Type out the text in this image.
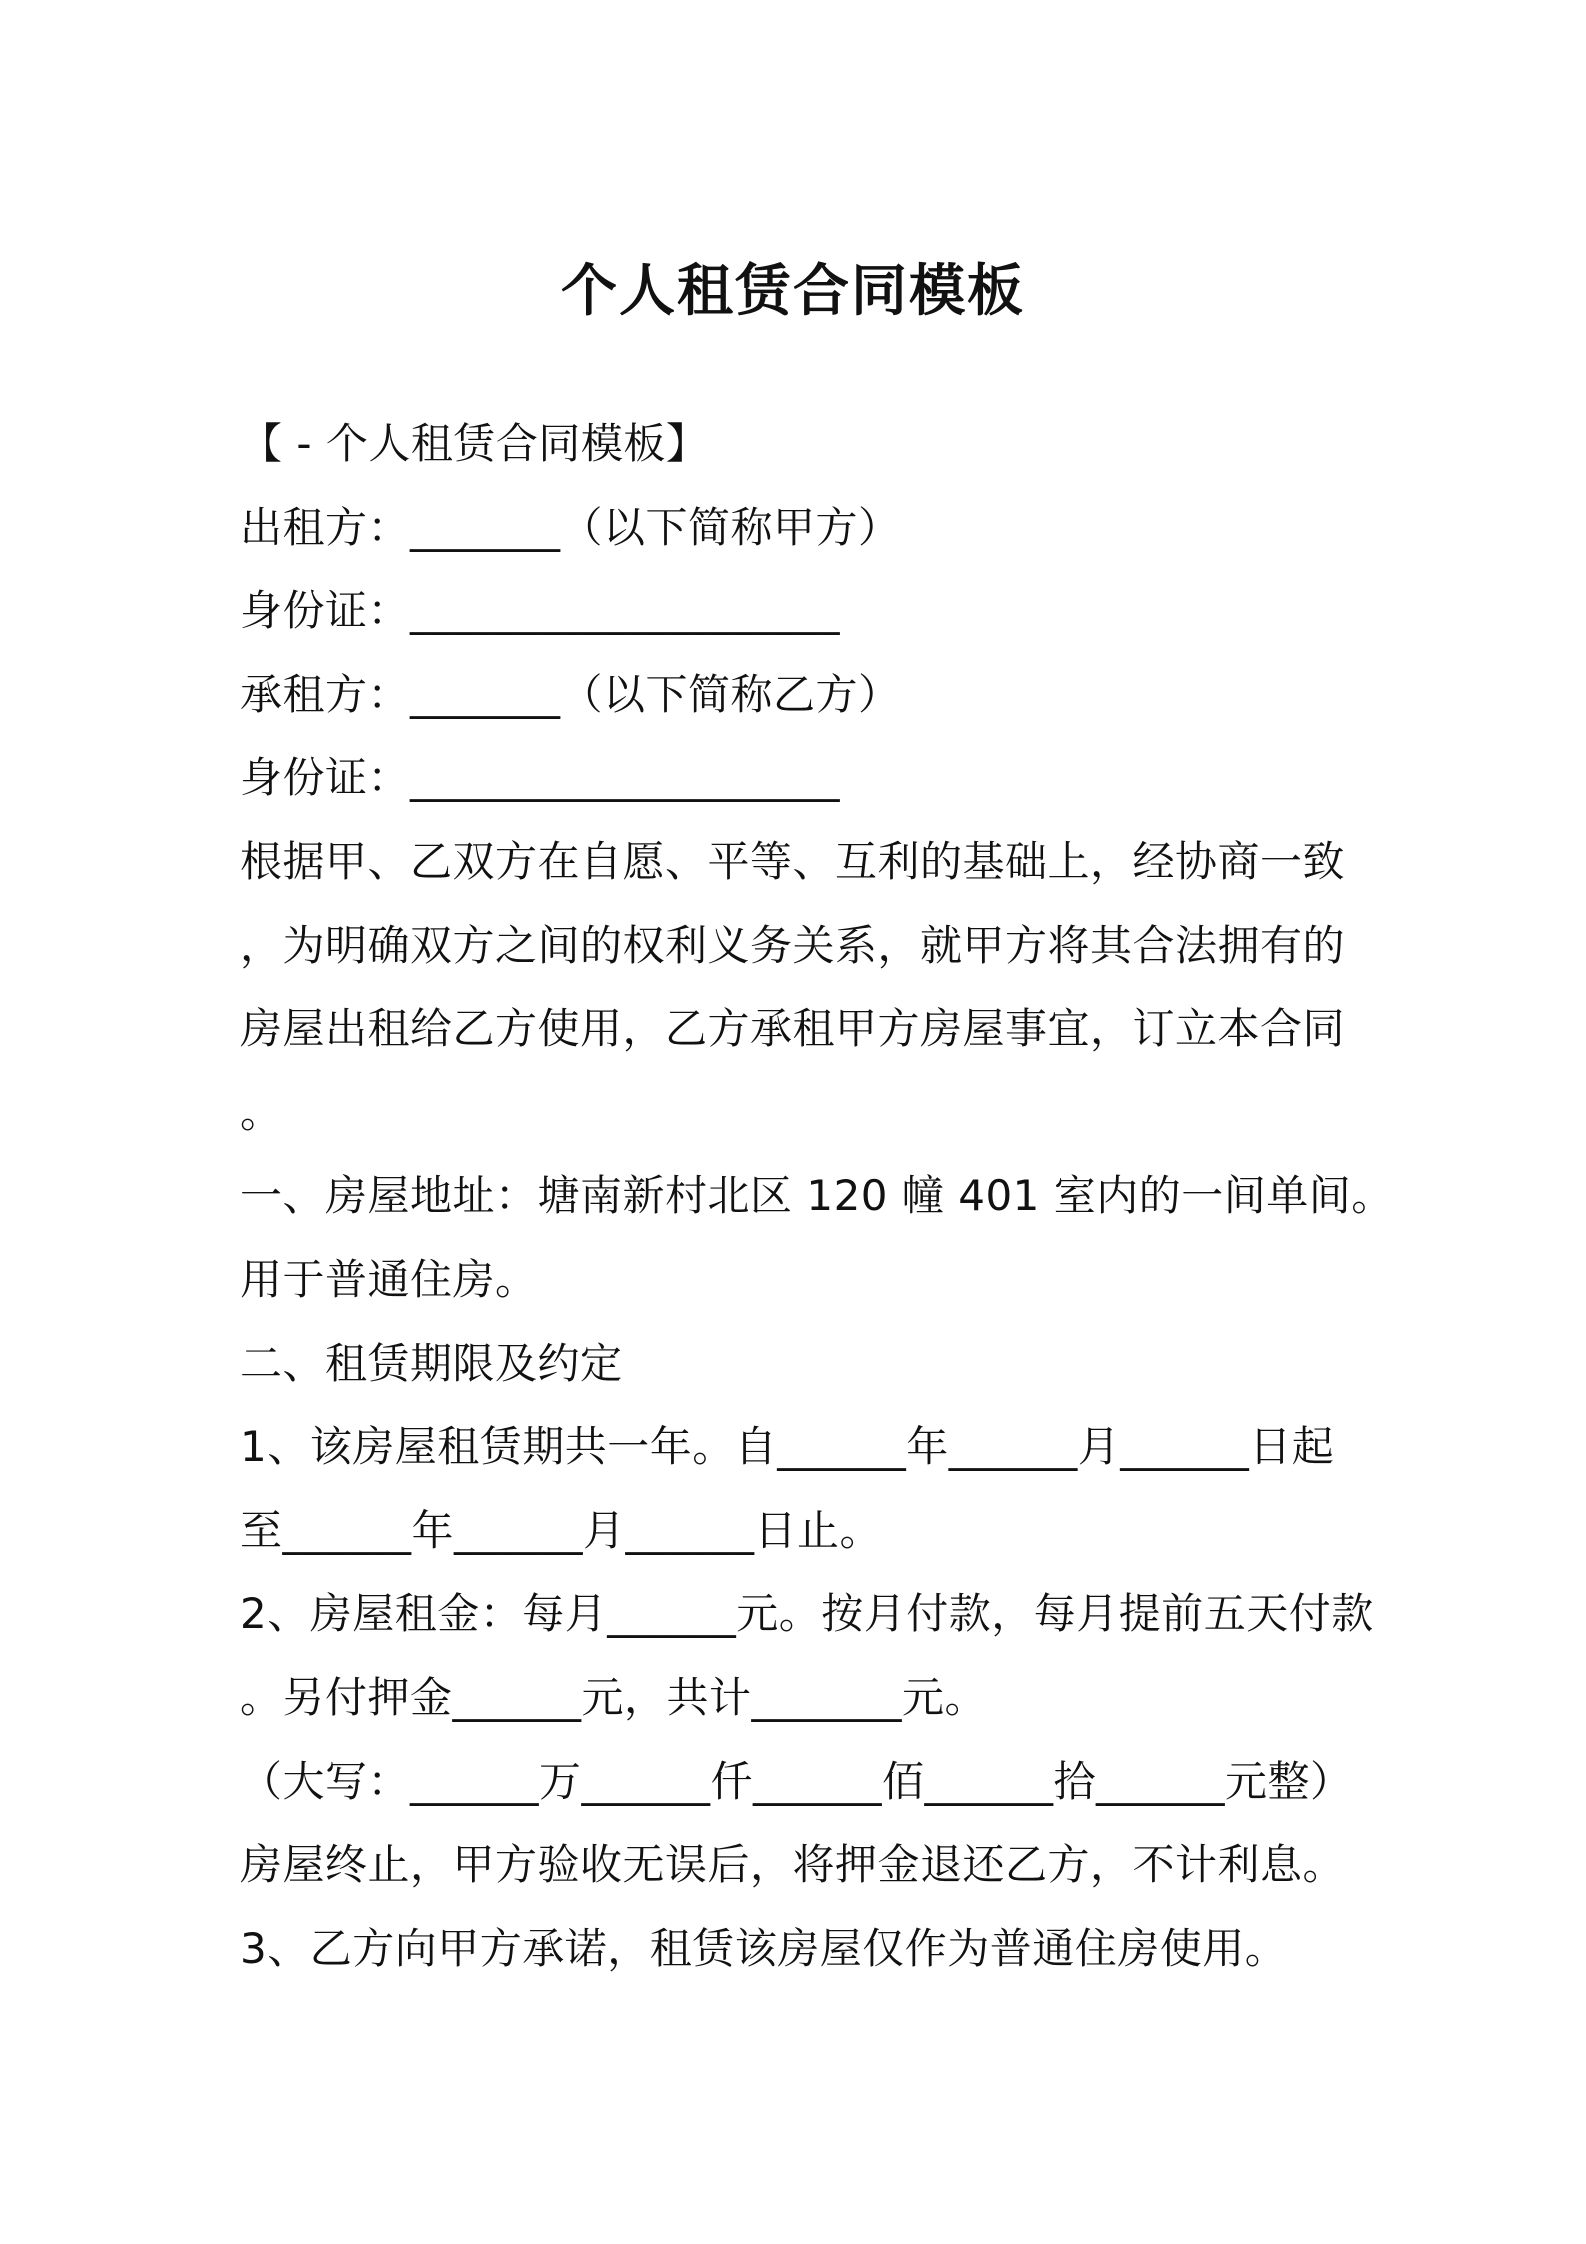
个人租赁合同模板
【 - 个人租赁合同模板】
出租方：_______（以下简称甲方）
身份证：____________________
承租方：_______（以下简称乙方）
身份证：____________________
根据甲、乙双方在自愿、平等、互利的基础上，经协商一致
，为明确双方之间的权利义务关系，就甲方将其合法拥有的
房屋出租给乙方使用，乙方承租甲方房屋事宜，订立本合同
。
一、房屋地址：塘南新村北区 120 幢 401 室内的一间单间。
用于普通住房。
二、租赁期限及约定
1、该房屋租赁期共一年。自______年______月______日起
至______年______月______日止。
2、房屋租金：每月______元。按月付款，每月提前五天付款
。另付押金______元，共计_______元。
（大写：______万______仟______佰______拾______元整）
房屋终止，甲方验收无误后，将押金退还乙方，不计利息。
3、乙方向甲方承诺，租赁该房屋仅作为普通住房使用。
